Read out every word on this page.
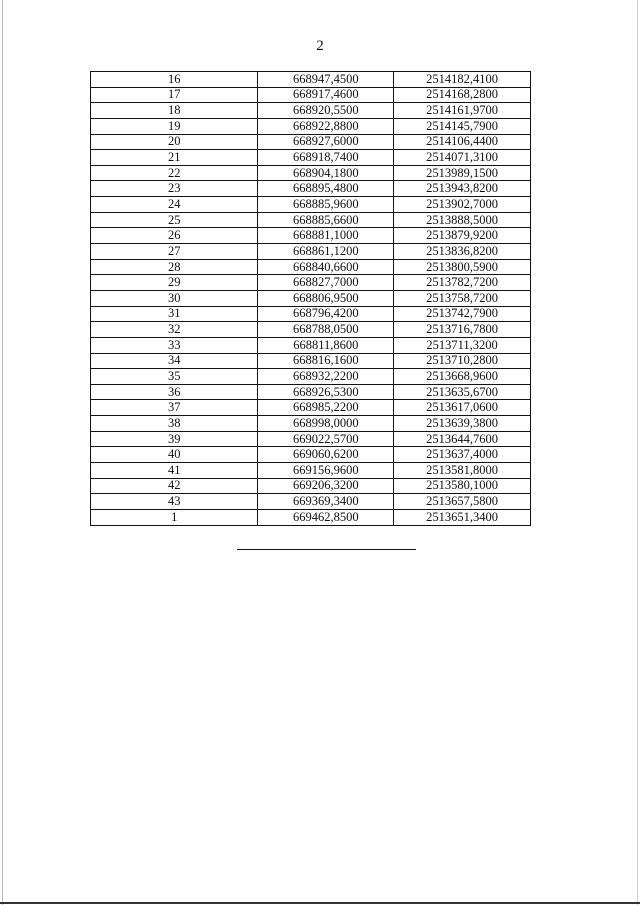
2
16	668947,4500	2514182,4100
17	668917,4600	2514168,2800
18	668920,5500	2514161,9700
19	668922,8800	2514145,7900
20	668927,6000	2514106,4400
21	668918,7400	2514071,3100
22	668904,1800	2513989,1500
23	668895,4800	2513943,8200
24	668885,9600	2513902,7000
25	668885,6600	2513888,5000
26	668881,1000	2513879,9200
27	668861,1200	2513836,8200
28	668840,6600	2513800,5900
29	668827,7000	2513782,7200
30	668806,9500	2513758,7200
31	668796,4200	2513742,7900
32	668788,0500	2513716,7800
33	668811,8600	2513711,3200
34	668816,1600	2513710,2800
35	668932,2200	2513668,9600
36	668926,5300	2513635,6700
37	668985,2200	2513617,0600
38	668998,0000	2513639,3800
39	669022,5700	2513644,7600
40	669060,6200	2513637,4000
41	669156,9600	2513581,8000
42	669206,3200	2513580,1000
43	669369,3400	2513657,5800
1	669462,8500	2513651,3400
